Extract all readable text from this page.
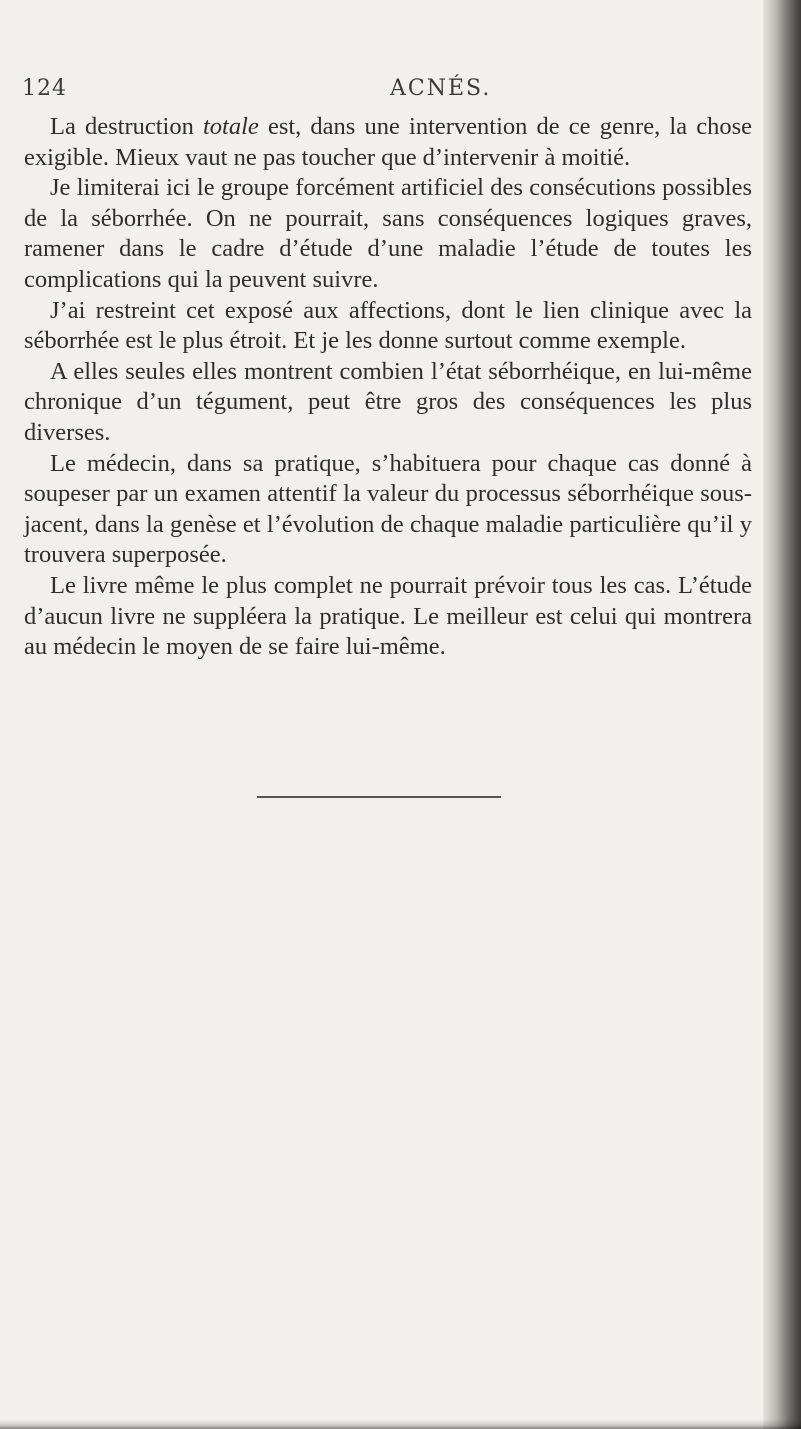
124	ACNÉS.

La destruction totale est, dans une intervention de ce genre, la chose exigible. Mieux vaut ne pas toucher que d’intervenir à moitié.

Je limiterai ici le groupe forcément artificiel des consécutions possibles de la séborrhée. On ne pourrait, sans conséquences logiques graves, ramener dans le cadre d’étude d’une maladie l’étude de toutes les complications qui la peuvent suivre.

J’ai restreint cet exposé aux affections, dont le lien clinique avec la séborrhée est le plus étroit. Et je les donne surtout comme exemple.

A elles seules elles montrent combien l’état séborrhéique, en lui-même chronique d’un tégument, peut être gros des conséquences les plus diverses.

Le médecin, dans sa pratique, s’habituera pour chaque cas donné à soupeser par un examen attentif la valeur du processus séborrhéique sous-jacent, dans la genèse et l’évolution de chaque maladie particulière qu’il y trouvera superposée.

Le livre même le plus complet ne pourrait prévoir tous les cas. L’étude d’aucun livre ne suppléera la pratique. Le meilleur est celui qui montrera au médecin le moyen de se faire lui-même.
